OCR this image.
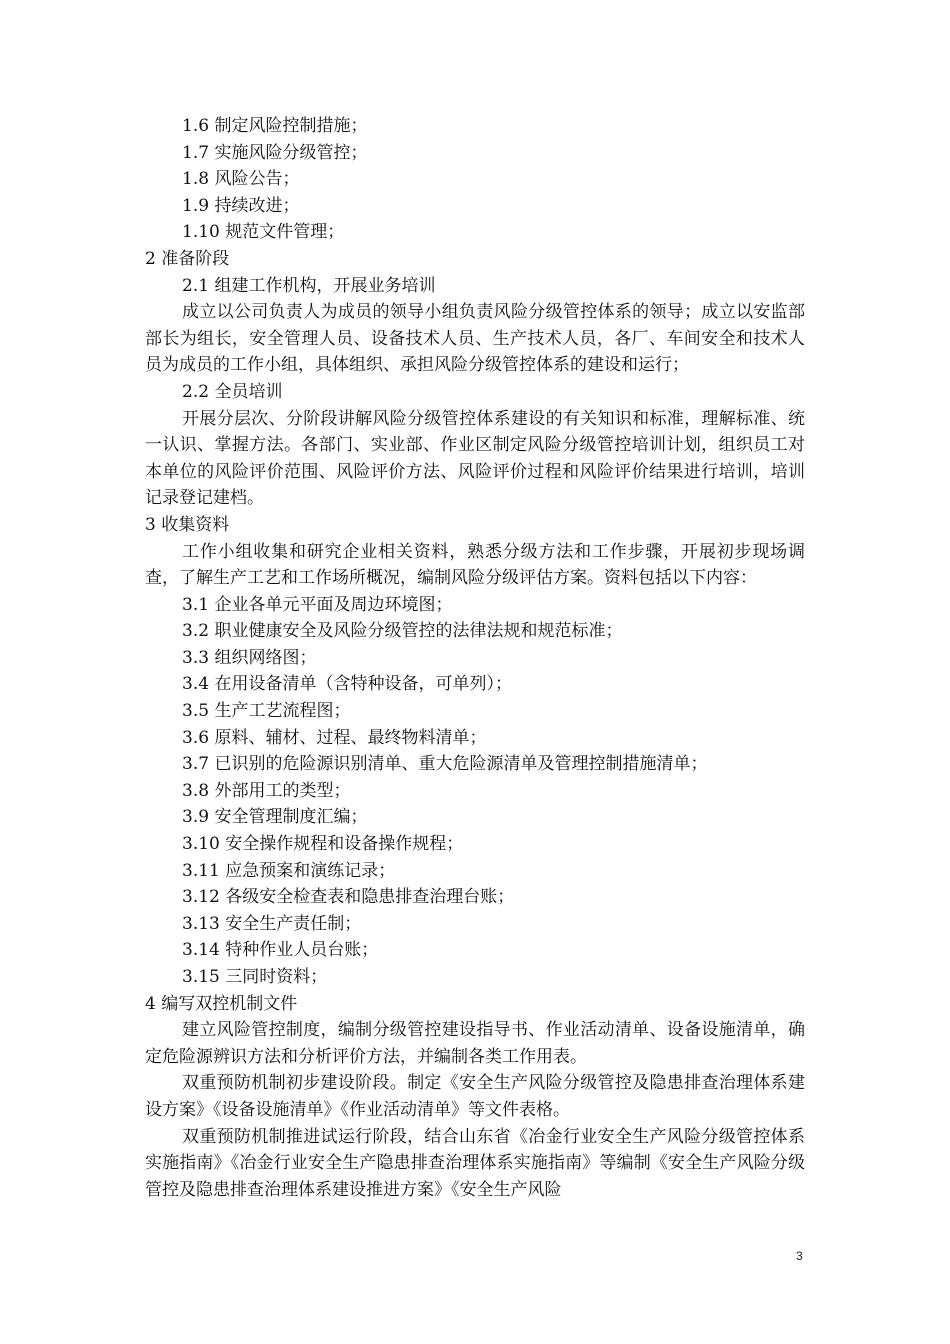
1.6 制定风险控制措施；
1.7 实施风险分级管控；
1.8 风险公告；
1.9 持续改进；
1.10 规范文件管理；
2 准备阶段
2.1 组建工作机构，开展业务培训

成立以公司负责人为成员的领导小组负责风险分级管控体系的领导；成立以安监部部长为组长，安全管理人员、设备技术人员、生产技术人员，各厂、车间安全和技术人员为成员的工作小组，具体组织、承担风险分级管控体系的建设和运行；

2.2 全员培训

开展分层次、分阶段讲解风险分级管控体系建设的有关知识和标准，理解标准、统一认识、掌握方法。各部门、实业部、作业区制定风险分级管控培训计划，组织员工对本单位的风险评价范围、风险评价方法、风险评价过程和风险评价结果进行培训，培训记录登记建档。

3 收集资料

工作小组收集和研究企业相关资料，熟悉分级方法和工作步骤，开展初步现场调查，了解生产工艺和工作场所概况，编制风险分级评估方案。资料包括以下内容：

3.1 企业各单元平面及周边环境图；
3.2 职业健康安全及风险分级管控的法律法规和规范标准；
3.3 组织网络图；
3.4 在用设备清单（含特种设备，可单列）；
3.5 生产工艺流程图；
3.6 原料、辅材、过程、最终物料清单；
3.7 已识别的危险源识别清单、重大危险源清单及管理控制措施清单；
3.8 外部用工的类型；
3.9 安全管理制度汇编；
3.10 安全操作规程和设备操作规程；
3.11 应急预案和演练记录；
3.12 各级安全检查表和隐患排查治理台账；
3.13 安全生产责任制；
3.14 特种作业人员台账；
3.15 三同时资料；
4 编写双控机制文件

建立风险管控制度，编制分级管控建设指导书、作业活动清单、设备设施清单，确定危险源辨识方法和分析评价方法，并编制各类工作用表。

双重预防机制初步建设阶段。制定《安全生产风险分级管控及隐患排查治理体系建设方案》《设备设施清单》《作业活动清单》等文件表格。

双重预防机制推进试运行阶段，结合山东省《冶金行业安全生产风险分级管控体系实施指南》《冶金行业安全生产隐患排查治理体系实施指南》等编制《安全生产风险分级管控及隐患排查治理体系建设推进方案》《安全生产风险

3
